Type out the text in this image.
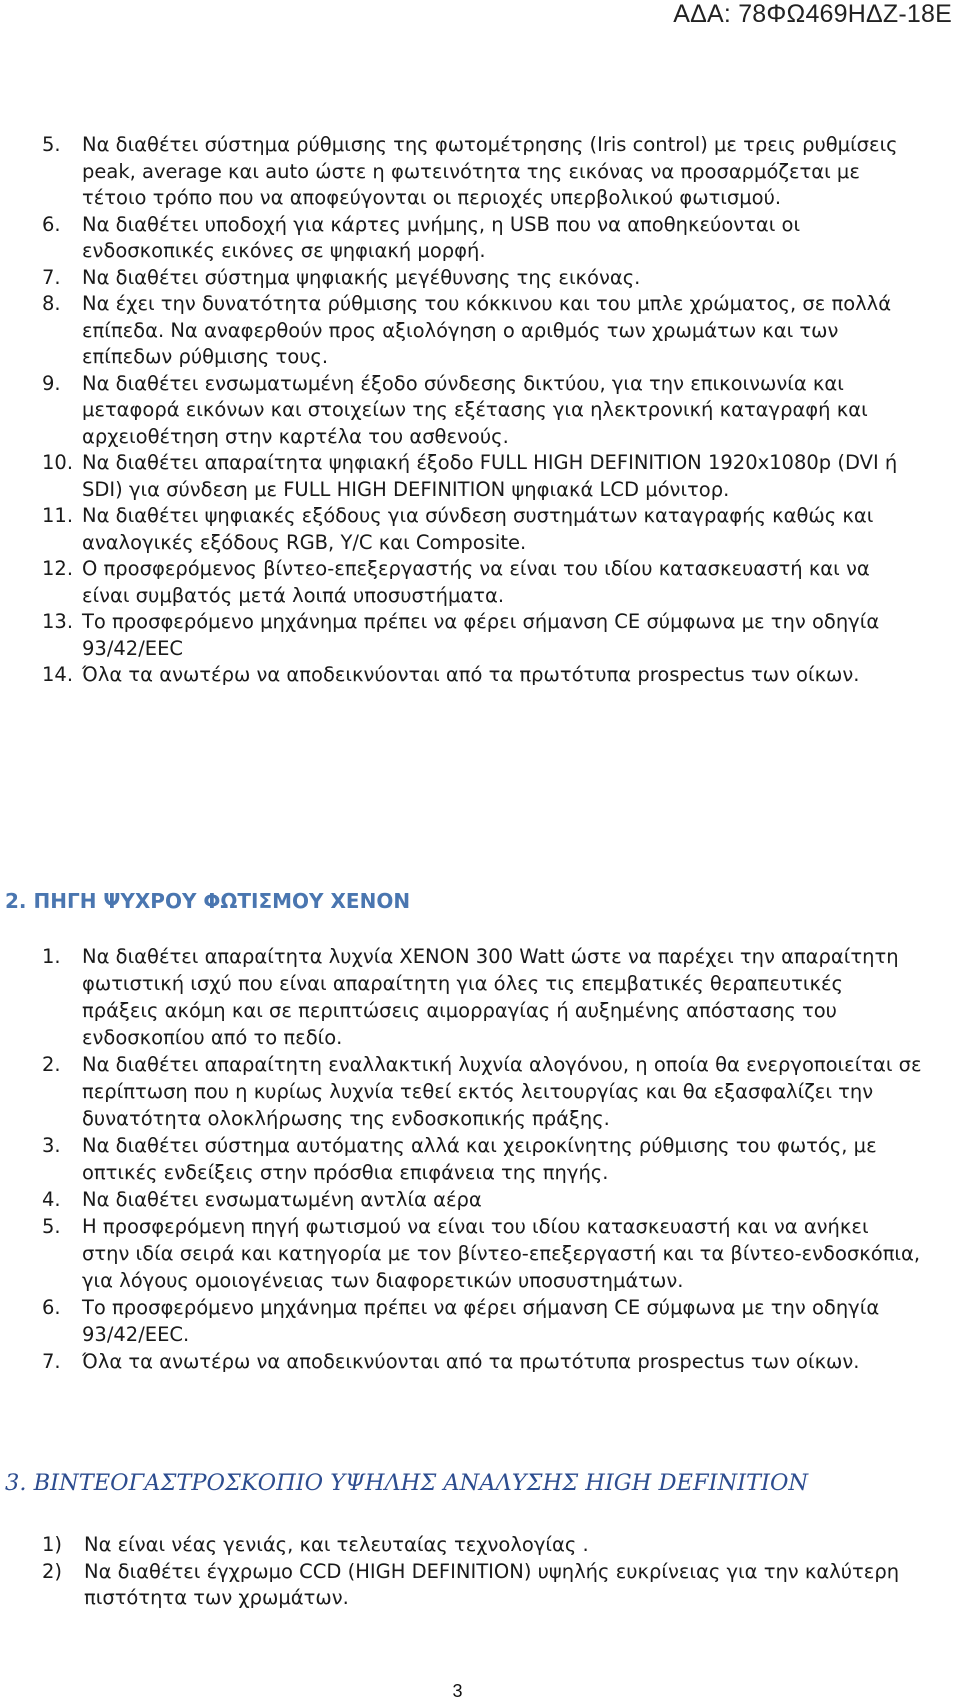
ΑΔΑ: 78ΦΩ469ΗΔΖ-18Ε
5.	Να διαθέτει σύστημα ρύθμισης της φωτομέτρησης (Iris control) με τρεις ρυθμίσεις peak, average και auto ώστε η φωτεινότητα της εικόνας να προσαρμόζεται με τέτοιο τρόπο που να αποφεύγονται οι περιοχές υπερβολικού φωτισμού.
6.	Να διαθέτει υποδοχή για κάρτες μνήμης, η USB που να αποθηκεύονται οι ενδοσκοπικές εικόνες σε ψηφιακή μορφή.
7.	Να διαθέτει σύστημα ψηφιακής μεγέθυνσης της εικόνας.
8.	Να έχει την δυνατότητα ρύθμισης του κόκκινου και του μπλε χρώματος, σε πολλά επίπεδα. Να αναφερθούν προς αξιολόγηση ο αριθμός των χρωμάτων και των επίπεδων ρύθμισης τους.
9.	Να διαθέτει ενσωματωμένη έξοδο σύνδεσης δικτύου, για την επικοινωνία και μεταφορά εικόνων και στοιχείων της εξέτασης για ηλεκτρονική καταγραφή και αρχειοθέτηση στην καρτέλα του ασθενούς.
10. Να διαθέτει απαραίτητα ψηφιακή έξοδο FULL HIGH DEFINITION 1920x1080p (DVI ή SDI) για σύνδεση με FULL HIGH DEFINITION ψηφιακά LCD μόνιτορ.
11. Να διαθέτει ψηφιακές εξόδους για σύνδεση συστημάτων καταγραφής καθώς και αναλογικές εξόδους RGB, Y/C και Composite.
12. Ο προσφερόμενος βίντεο-επεξεργαστής να είναι του ιδίου κατασκευαστή και να είναι συμβατός μετά λοιπά υποσυστήματα.
13. Το προσφερόμενο μηχάνημα πρέπει να φέρει σήμανση CE σύμφωνα με την οδηγία 93/42/EEC
14. Όλα τα ανωτέρω να αποδεικνύονται από τα πρωτότυπα prospectus των οίκων.
2. ΠΗΓΗ ΨΥΧΡΟΥ ΦΩΤΙΣΜΟΥ XENON
1.	Να διαθέτει απαραίτητα λυχνία XENON 300 Watt ώστε να παρέχει την απαραίτητη φωτιστική ισχύ που είναι απαραίτητη για όλες τις επεμβατικές θεραπευτικές πράξεις ακόμη και σε περιπτώσεις αιμορραγίας ή αυξημένης απόστασης του ενδοσκοπίου από το πεδίο.
2.	Να διαθέτει απαραίτητη εναλλακτική λυχνία αλογόνου, η οποία θα ενεργοποιείται σε περίπτωση που η κυρίως λυχνία τεθεί εκτός λειτουργίας και θα εξασφαλίζει την δυνατότητα ολοκλήρωσης της ενδοσκοπικής πράξης.
3.	Να διαθέτει σύστημα αυτόματης αλλά και χειροκίνητης ρύθμισης του φωτός, με οπτικές ενδείξεις στην πρόσθια επιφάνεια της πηγής.
4.	Να διαθέτει ενσωματωμένη αντλία αέρα
5.	Η προσφερόμενη πηγή φωτισμού να είναι του ιδίου κατασκευαστή και να ανήκει στην ιδία σειρά και κατηγορία με τον βίντεο-επεξεργαστή και τα βίντεο-ενδοσκόπια, για λόγους ομοιογένειας των διαφορετικών υποσυστημάτων.
6.	Το προσφερόμενο μηχάνημα πρέπει να φέρει σήμανση CE σύμφωνα με την οδηγία 93/42/EEC.
7.	Όλα τα ανωτέρω να αποδεικνύονται από τα πρωτότυπα prospectus των οίκων.
3. ΒΙΝΤΕΟΓΑΣΤΡΟΣΚΟΠΙΟ ΥΨΗΛΗΣ ΑΝΑΛΥΣΗΣ HIGH DEFINITION
1)	Να είναι νέας γενιάς, και τελευταίας τεχνολογίας .
2)	Να διαθέτει έγχρωμο CCD (HIGH DEFINITION) υψηλής ευκρίνειας για την καλύτερη πιστότητα των χρωμάτων.
3
